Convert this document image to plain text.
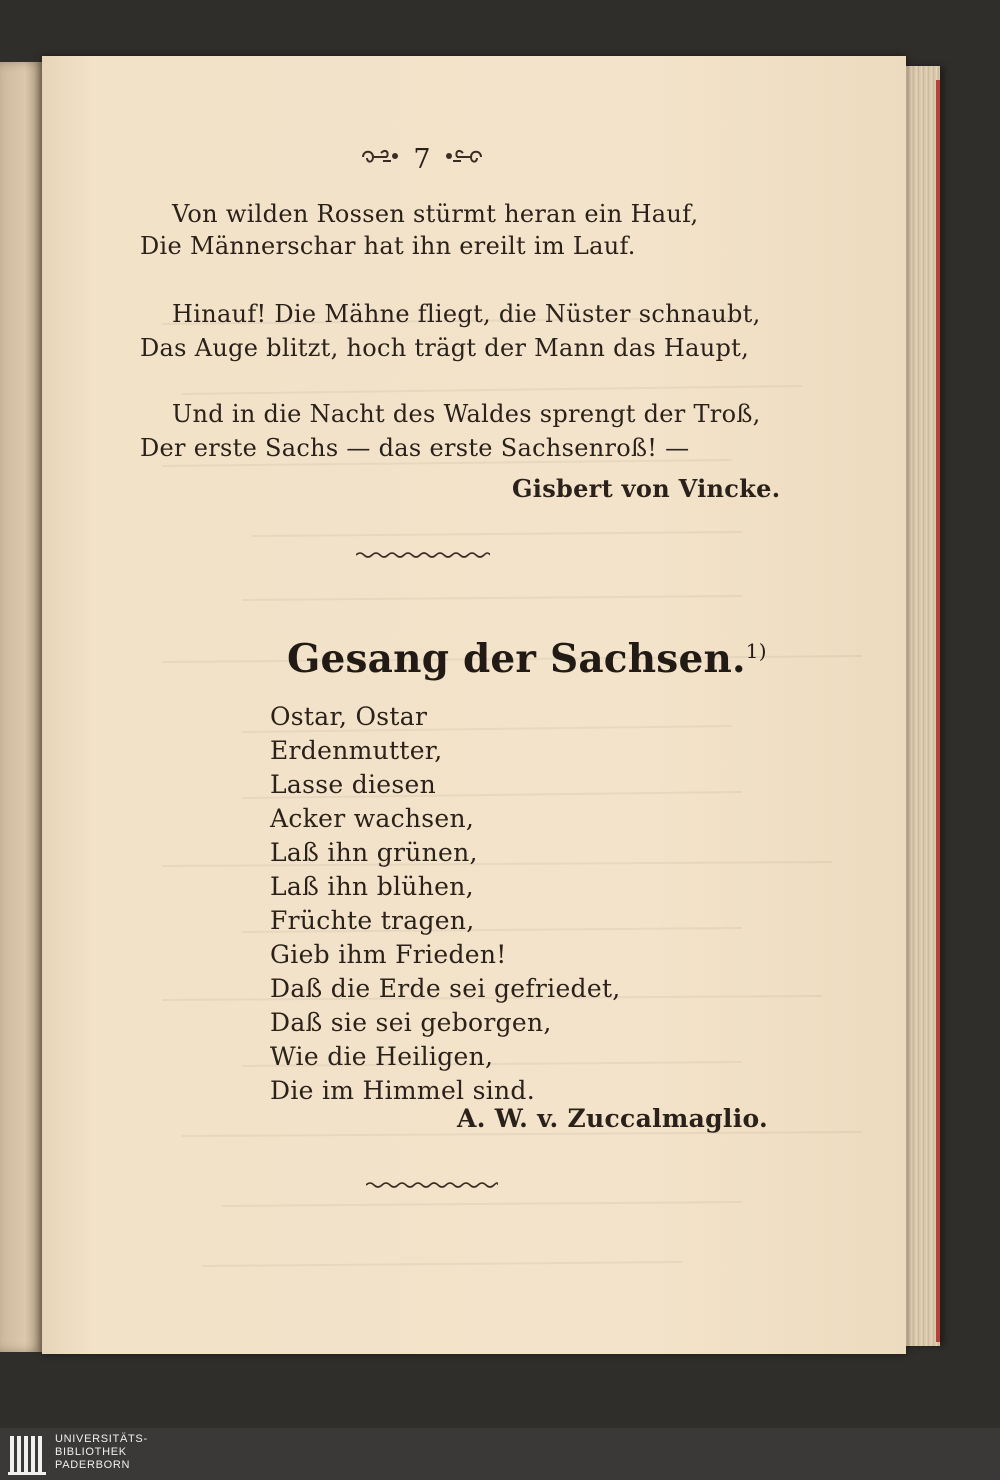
7
Von wilden Rossen stürmt heran ein Hauf,
Die Männerschar hat ihn ereilt im Lauf.
Hinauf! Die Mähne fliegt, die Nüster schnaubt,
Das Auge blitzt, hoch trägt der Mann das Haupt,
Und in die Nacht des Waldes sprengt der Troß,
Der erste Sachs — das erste Sachsenroß! —
Gisbert von Vincke.
Gesang der Sachsen.$^{1)}$
Ostar, Ostar
Erdenmutter,
Lasse diesen
Acker wachsen,
Laß ihn grünen,
Laß ihn blühen,
Früchte tragen,
Gieb ihm Frieden!
Daß die Erde sei gefriedet,
Daß sie sei geborgen,
Wie die Heiligen,
Die im Himmel sind.
A. W. v. Zuccalmaglio.
UNIVERSITÄTS-
BIBLIOTHEK
PADERBORN
